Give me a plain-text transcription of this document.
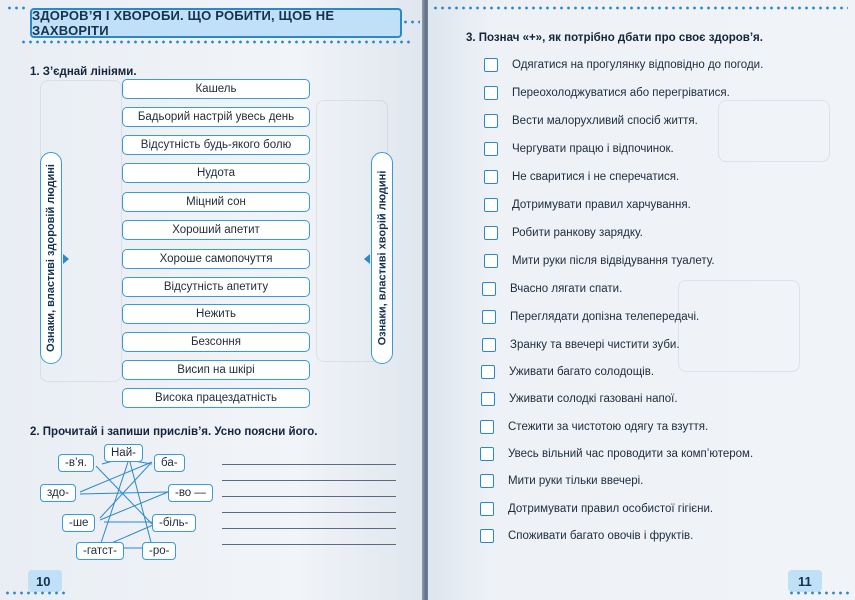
ЗДОРОВ’Я І ХВОРОБИ. ЩО РОБИТИ, ЩОБ НЕ ЗАХВОРІТИ
1. З’єднай лініями.
Ознаки, властиві здоровій людині	Ознаки, властиві хворій людині
Кашель
Бадьорий настрій увесь день
Відсутність будь-якого болю
Нудота
Міцний сон
Хороший апетит
Хороше самопочуття
Відсутність апетиту
Нежить
Безсоння
Висип на шкірі
Висока працездатність
2. Прочитай і запиши прислів’я. Усно поясни його.
Най-
-в’я.	ба-
здо-	-во —
-ше	-біль-
-гатст-	-ро-
10
3. Познач «+», як потрібно дбати про своє здоров’я.
Одягатися на прогулянку відповідно до погоди.
Переохолоджуватися або перегріватися.
Вести малорухливий спосіб життя.
Чергувати працю і відпочинок.
Не сваритися і не сперечатися.
Дотримувати правил харчування.
Робити ранкову зарядку.
Мити руки після відвідування туалету.
Вчасно лягати спати.
Переглядати допізна телепередачі.
Зранку та ввечері чистити зуби.
Уживати багато солодощів.
Уживати солодкі газовані напої.
Стежити за чистотою одягу та взуття.
Увесь вільний час проводити за комп’ютером.
Мити руки тільки ввечері.
Дотримувати правил особистої гігієни.
Споживати багато овочів і фруктів.
11
